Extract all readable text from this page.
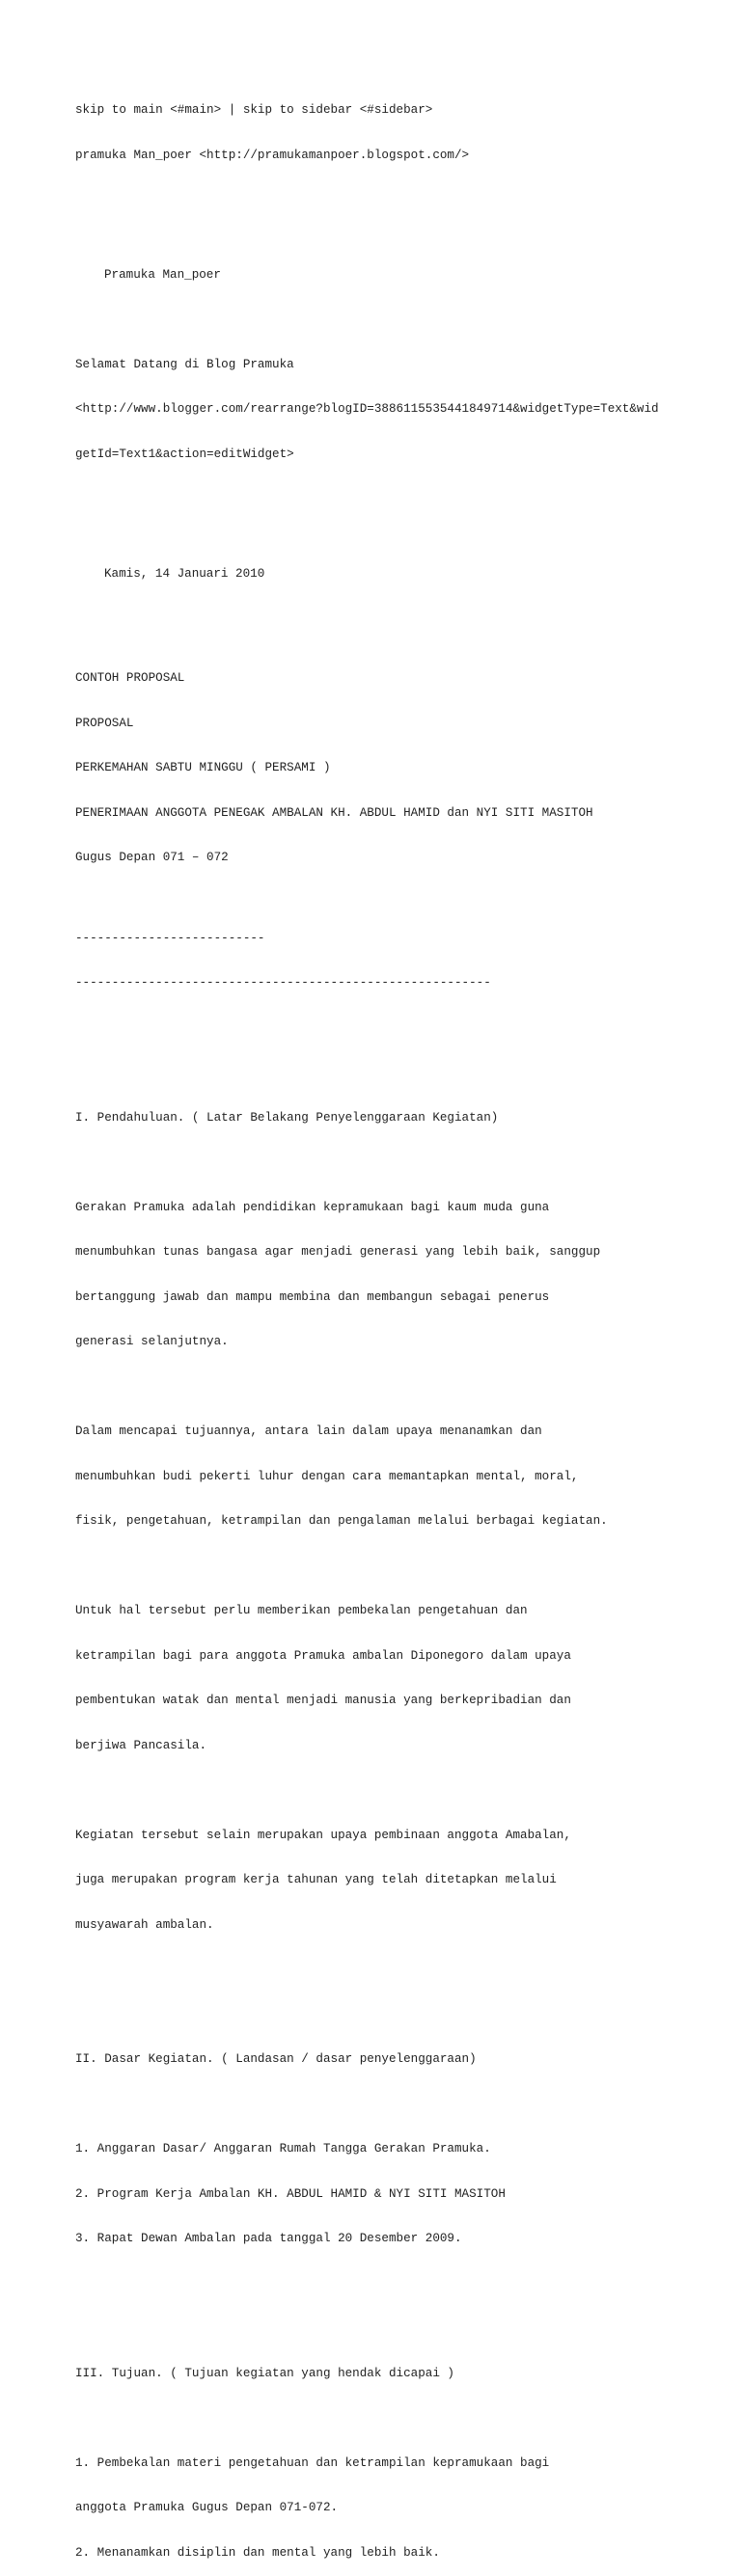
skip to main <#main> | skip to sidebar <#sidebar>

pramuka Man_poer <http://pramukamanpoer.blogspot.com/>

Pramuka Man_poer

Selamat Datang di Blog Pramuka

<http://www.blogger.com/rearrange?blogID=3886115535441849714&widgetType=Text&wid

getId=Text1&action=editWidget>

Kamis, 14 Januari 2010

CONTOH PROPOSAL

PROPOSAL

PERKEMAHAN SABTU MINGGU ( PERSAMI )

PENERIMAAN ANGGOTA PENEGAK AMBALAN KH. ABDUL HAMID dan NYI SITI MASITOH

Gugus Depan 071 – 072

--------------------------

---------------------------------------------------------

I. Pendahuluan. ( Latar Belakang Penyelenggaraan Kegiatan)

Gerakan Pramuka adalah pendidikan kepramukaan bagi kaum muda guna

menumbuhkan tunas bangasa agar menjadi generasi yang lebih baik, sanggup

bertanggung jawab dan mampu membina dan membangun sebagai penerus

generasi selanjutnya.

Dalam mencapai tujuannya, antara lain dalam upaya menanamkan dan

menumbuhkan budi pekerti luhur dengan cara memantapkan mental, moral,

fisik, pengetahuan, ketrampilan dan pengalaman melalui berbagai kegiatan.

Untuk hal tersebut perlu memberikan pembekalan pengetahuan dan

ketrampilan bagi para anggota Pramuka ambalan Diponegoro dalam upaya

pembentukan watak dan mental menjadi manusia yang berkepribadian dan

berjiwa Pancasila.

Kegiatan tersebut selain merupakan upaya pembinaan anggota Amabalan,

juga merupakan program kerja tahunan yang telah ditetapkan melalui

musyawarah ambalan.

II. Dasar Kegiatan. ( Landasan / dasar penyelenggaraan)

1. Anggaran Dasar/ Anggaran Rumah Tangga Gerakan Pramuka.

2. Program Kerja Ambalan KH. ABDUL HAMID & NYI SITI MASITOH

3. Rapat Dewan Ambalan pada tanggal 20 Desember 2009.

III. Tujuan. ( Tujuan kegiatan yang hendak dicapai )

1. Pembekalan materi pengetahuan dan ketrampilan kepramukaan bagi

anggota Pramuka Gugus Depan 071-072.

2. Menanamkan disiplin dan mental yang lebih baik.
